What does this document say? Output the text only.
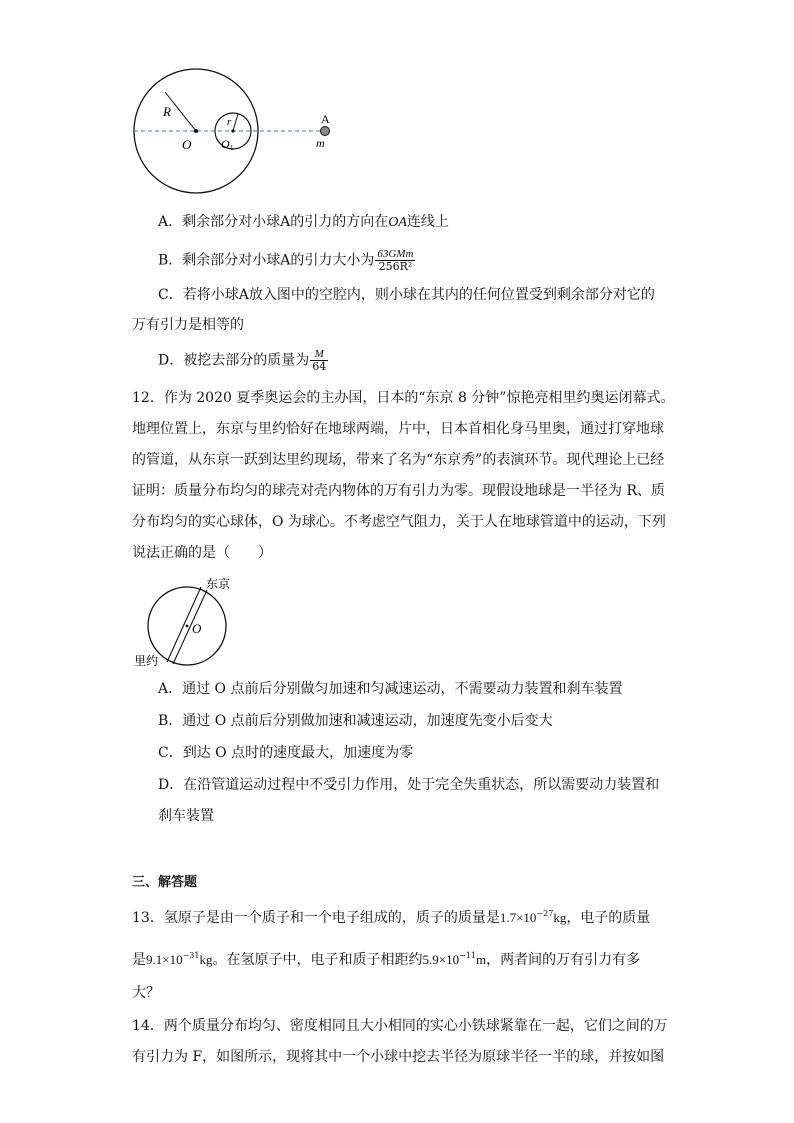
R
r
O O 1
A
m
A．剩余部分对小球A的引力的方向在OA连线上
B．剩余部分对小球A的引力大小为 $\frac{\text{63GMm}}{\text{256R²}}$
C．若将小球A放入图中的空腔内，则小球在其内的任何位置受到剩余部分对它的
万有引力是相等的
D．被挖去部分的质量为 $\frac{M}{64}$
12．作为 2020 夏季奥运会的主办国，日本的“东京 8 分钟”惊艳亮相里约奥运闭幕式。
地理位置上，东京与里约恰好在地球两端，片中，日本首相化身马里奥，通过打穿地球
的管道，从东京一跃到达里约现场，带来了名为“东京秀”的表演环节。现代理论上已经
证明：质量分布均匀的球壳对壳内物体的万有引力为零。现假设地球是一半径为 R、质
分布均匀的实心球体，O 为球心。不考虑空气阻力，关于人在地球管道中的运动，下列
说法正确的是（　　）
东京
里约
O
A．通过 O 点前后分别做匀加速和匀减速运动，不需要动力装置和刹车装置
B．通过 O 点前后分别做加速和减速运动，加速度先变小后变大
C．到达 O 点时的速度最大，加速度为零
D．在沿管道运动过程中不受引力作用，处于完全失重状态，所以需要动力装置和
刹车装置
三、解答题
13．氢原子是由一个质子和一个电子组成的，质子的质量是$1.7\times 10^{-27}kg$，电子的质量
是$9.1\times 10^{-31}kg$。在氢原子中，电子和质子相距约$5.9\times 10^{-11}m$，两者间的万有引力有多
大？
14．两个质量分布均匀、密度相同且大小相同的实心小铁球紧靠在一起，它们之间的万
有引力为 F，如图所示，现将其中一个小球中挖去半径为原球半径一半的球，并按如图
